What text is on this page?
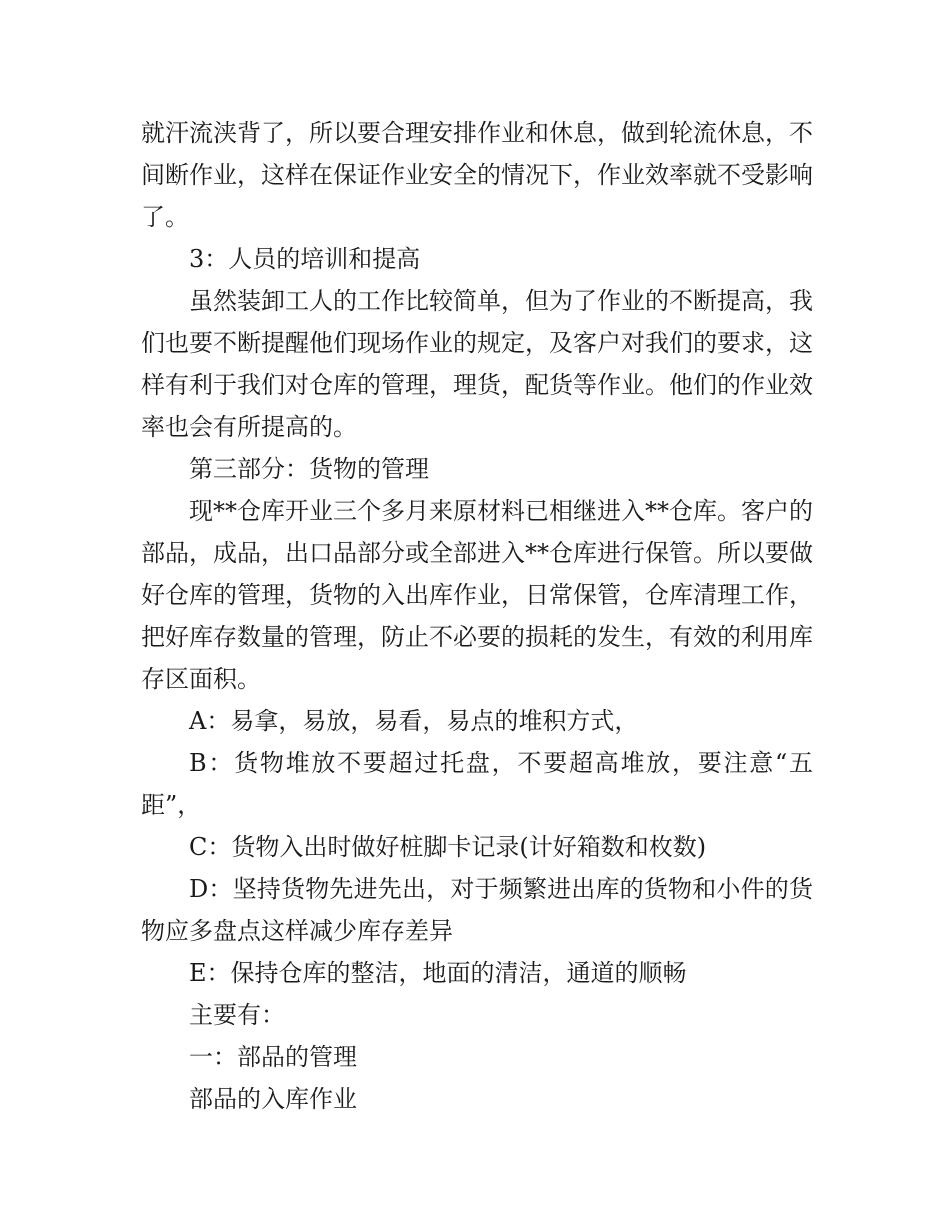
就汗流浃背了，所以要合理安排作业和休息，做到轮流休息，不间断作业，这样在保证作业安全的情况下，作业效率就不受影响了。

3：人员的培训和提高

虽然装卸工人的工作比较简单，但为了作业的不断提高，我们也要不断提醒他们现场作业的规定，及客户对我们的要求，这样有利于我们对仓库的管理，理货，配货等作业。他们的作业效率也会有所提高的。

第三部分：货物的管理

现**仓库开业三个多月来原材料已相继进入**仓库。客户的部品，成品，出口品部分或全部进入**仓库进行保管。所以要做好仓库的管理，货物的入出库作业，日常保管，仓库清理工作，把好库存数量的管理，防止不必要的损耗的发生，有效的利用库存区面积。

A：易拿，易放，易看，易点的堆积方式，

B：货物堆放不要超过托盘，不要超高堆放，要注意“五距”，

C：货物入出时做好桩脚卡记录(计好箱数和枚数)

D：坚持货物先进先出，对于频繁进出库的货物和小件的货物应多盘点这样减少库存差异

E：保持仓库的整洁，地面的清洁，通道的顺畅

主要有：

一：部品的管理

部品的入库作业
